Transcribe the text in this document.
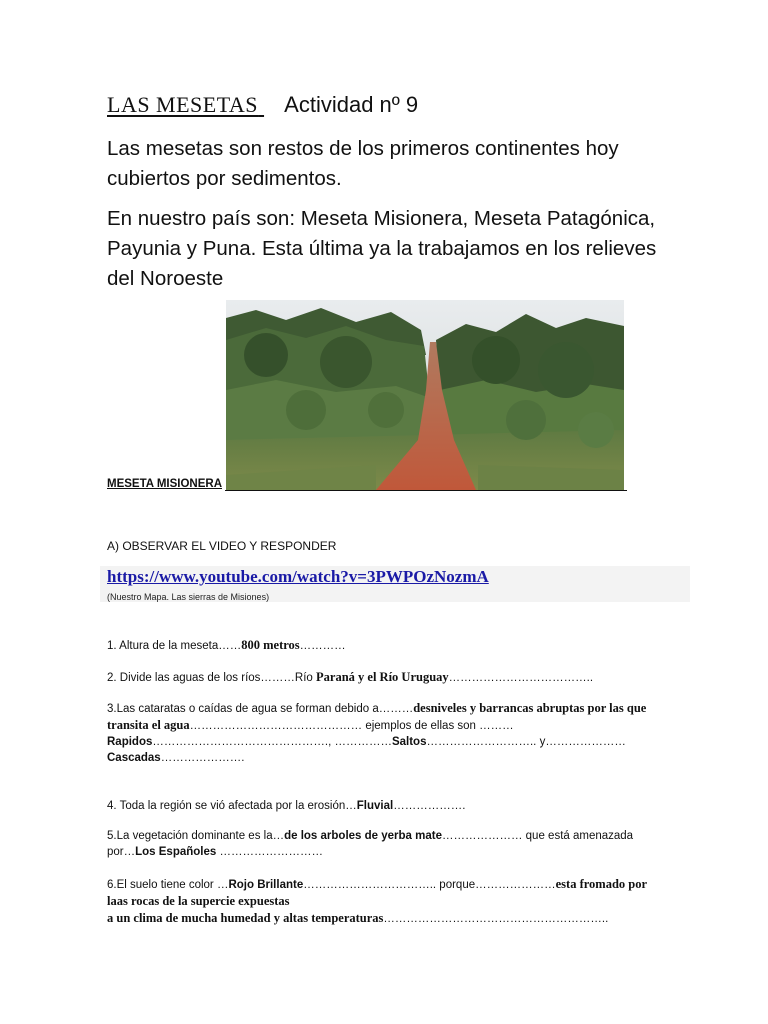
LAS MESETAS Actividad nº 9

Las mesetas son restos de los primeros continentes hoy cubiertos por sedimentos.

En nuestro país son: Meseta Misionera, Meseta Patagónica, Payunia y Puna. Esta última ya la trabajamos en los relieves del Noroeste

MESETA MISIONERA
A) OBSERVAR EL VIDEO Y RESPONDER
https://www.youtube.com/watch?v=3PWPOzNozmA
(Nuestro Mapa. Las sierras de Misiones)

1. Altura de la meseta……800 metros…………

2. Divide las aguas de los ríos………Río Paraná y el Río Uruguay………………………………..

3.Las cataratas o caídas de agua se forman debido a………desniveles y barrancas abruptas por las que
transita el agua……………………………………… ejemplos de ellas son ………
Rapidos………………………………………., ……………Saltos……………………….. y…………………
Cascadas………………….

4. Toda la región se vió afectada por la erosión…Fluvial……………….

5.La vegetación dominante es la…de los arboles de yerba mate………………… que está amenazada
por…Los Españoles ………………………

6.El suelo tiene color …Rojo Brillante…………………………….. porque…………………esta fromado por laas rocas de la supercie expuestas
a un clima de mucha humedad y altas temperaturas…………………………………………………..
